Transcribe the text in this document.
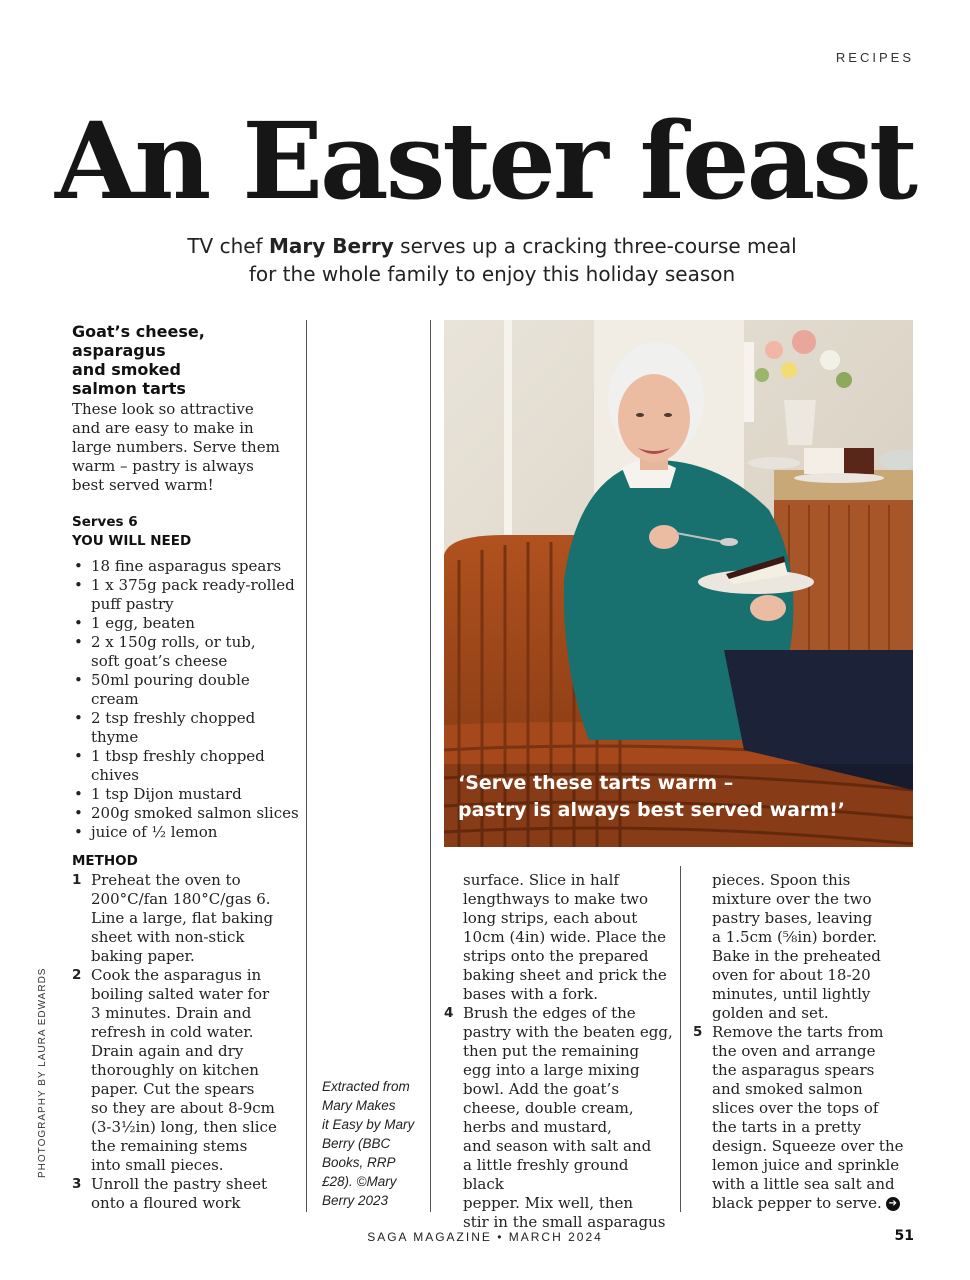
RECIPES
An Easter feast
TV chef Mary Berry serves up a cracking three-course meal
for the whole family to enjoy this holiday season
Goat’s cheese,
asparagus
and smoked
salmon tarts
These look so attractive
and are easy to make in
large numbers. Serve them
warm – pastry is always
best served warm!
Serves 6
YOU WILL NEED
• 18 fine asparagus spears
• 1 x 375g pack ready-rolled
puff pastry
• 1 egg, beaten
• 2 x 150g rolls, or tub,
soft goat’s cheese
• 50ml pouring double
cream
• 2 tsp freshly chopped
thyme
• 1 tbsp freshly chopped
chives
• 1 tsp Dijon mustard
• 200g smoked salmon slices
• juice of ½ lemon
METHOD
1 Preheat the oven to
200°C/fan 180°C/gas 6.
Line a large, flat baking
sheet with non-stick
baking paper.
2 Cook the asparagus in
boiling salted water for
3 minutes. Drain and
refresh in cold water.
Drain again and dry
thoroughly on kitchen
paper. Cut the spears
so they are about 8-9cm
(3-3½in) long, then slice
the remaining stems
into small pieces.
3 Unroll the pastry sheet
onto a floured work
surface. Slice in half
lengthways to make two
long strips, each about
10cm (4in) wide. Place the
strips onto the prepared
baking sheet and prick the
bases with a fork.
4 Brush the edges of the
pastry with the beaten egg,
then put the remaining
egg into a large mixing
bowl. Add the goat’s
cheese, double cream,
herbs and mustard,
and season with salt and
a little freshly ground black
pepper. Mix well, then
stir in the small asparagus
pieces. Spoon this
mixture over the two
pastry bases, leaving
a 1.5cm (⅝in) border.
Bake in the preheated
oven for about 18-20
minutes, until lightly
golden and set.
5 Remove the tarts from
the oven and arrange
the asparagus spears
and smoked salmon
slices over the tops of
the tarts in a pretty
design. Squeeze over the
lemon juice and sprinkle
with a little sea salt and
black pepper to serve. ➔
Extracted from
Mary Makes
it Easy by Mary
Berry (BBC
Books, RRP
£28). ©Mary
Berry 2023
‘Serve these tarts warm –
pastry is always best served warm!’
PHOTOGRAPHY BY LAURA EDWARDS
SAGA MAGAZINE • MARCH 2024	51
